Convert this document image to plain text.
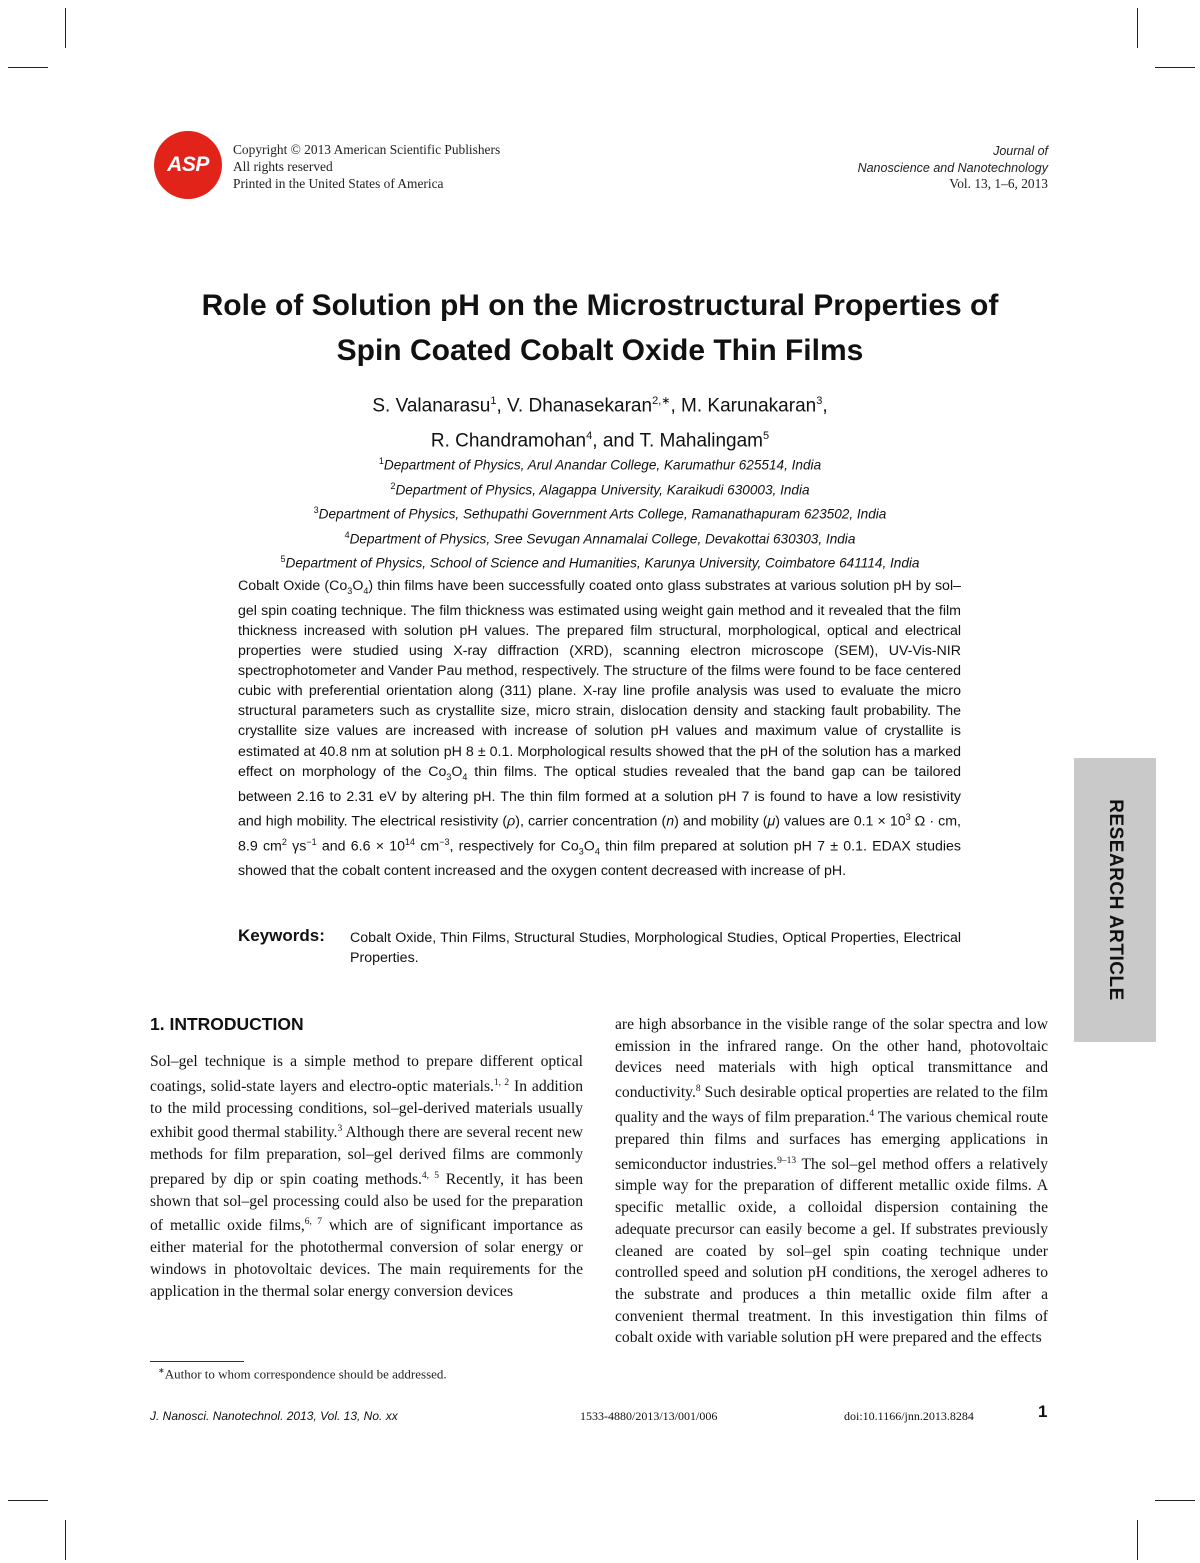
ASP
Copyright © 2013 American Scientific Publishers
All rights reserved
Printed in the United States of America
Journal of
Nanoscience and Nanotechnology
Vol. 13, 1–6, 2013
Role of Solution pH on the Microstructural Properties of
Spin Coated Cobalt Oxide Thin Films
S. Valanarasu$^1$, V. Dhanasekaran$^{2,∗}$, M. Karunakaran$^3$,
R. Chandramohan$^4$, and T. Mahalingam$^5$
$^1$Department of Physics, Arul Anandar College, Karumathur 625514, India
$^2$Department of Physics, Alagappa University, Karaikudi 630003, India
$^3$Department of Physics, Sethupathi Government Arts College, Ramanathapuram 623502, India
$^4$Department of Physics, Sree Sevugan Annamalai College, Devakottai 630303, India
$^5$Department of Physics, School of Science and Humanities, Karunya University, Coimbatore 641114, India
Cobalt Oxide $(Co_3O_4)$ thin films have been successfully coated onto glass substrates at various solution pH by sol–gel spin coating technique. The film thickness was estimated using weight gain method and it revealed that the film thickness increased with solution pH values. The prepared film structural, morphological, optical and electrical properties were studied using X-ray diffraction (XRD), scanning electron microscope (SEM), UV-Vis-NIR spectrophotometer and Vander Pau method, respectively. The structure of the films were found to be face centered cubic with preferential orientation along (311) plane. X-ray line profile analysis was used to evaluate the micro structural parameters such as crystallite size, micro strain, dislocation density and stacking fault probability. The crystallite size values are increased with increase of solution pH values and maximum value of crystallite is estimated at 40.8 nm at solution pH 8 ± 0.1. Morphological results showed that the pH of the solution has a marked effect on morphology of the $Co_3O_4$ thin films. The optical studies revealed that the band gap can be tailored between 2.16 to 2.31 eV by altering pH. The thin film formed at a solution pH 7 is found to have a low resistivity and high mobility. The electrical resistivity (ρ), carrier concentration (n) and mobility (μ) values are $0.1 \times 10^3$ Ω · cm, 8.9 $cm^2$ $\gamma s^{-1}$ and $6.6 \times 10^{14}$ $cm^{-3}$, respectively for $Co_3O_4$ thin film prepared at solution pH 7 ± 0.1. EDAX studies showed that the cobalt content increased and the oxygen content decreased with increase of pH.
Keywords: Cobalt Oxide, Thin Films, Structural Studies, Morphological Studies, Optical Properties, Electrical Properties.	RESEARCH ARTICLE
1. INTRODUCTION
Sol–gel technique is a simple method to prepare different optical coatings, solid-state layers and electro-optic materials.$^{1, 2}$ In addition to the mild processing conditions, sol–gel-derived materials usually exhibit good thermal stability.$^3$ Although there are several recent new methods for film preparation, sol–gel derived films are commonly prepared by dip or spin coating methods.$^{4, 5}$ Recently, it has been shown that sol–gel processing could also be used for the preparation of metallic oxide films,$^{6, 7}$ which are of significant importance as either material for the photothermal conversion of solar energy or windows in photovoltaic devices. The main requirements for the application in the thermal solar energy conversion devices
are high absorbance in the visible range of the solar spectra and low emission in the infrared range. On the other hand, photovoltaic devices need materials with high optical transmittance and conductivity.$^8$ Such desirable optical properties are related to the film quality and the ways of film preparation.$^4$ The various chemical route prepared thin films and surfaces has emerging applications in semiconductor industries.$^{9-13}$ The sol–gel method offers a relatively simple way for the preparation of different metallic oxide films. A specific metallic oxide, a colloidal dispersion containing the adequate precursor can easily become a gel. If substrates previously cleaned are coated by sol–gel spin coating technique under controlled speed and solution pH conditions, the xerogel adheres to the substrate and produces a thin metallic oxide film after a convenient thermal treatment. In this investigation thin films of cobalt oxide with variable solution pH were prepared and the effects
∗Author to whom correspondence should be addressed.
J. Nanosci. Nanotechnol. 2013, Vol. 13, No. xx	1533-4880/2013/13/001/006	doi:10.1166/jnn.2013.8284	1
